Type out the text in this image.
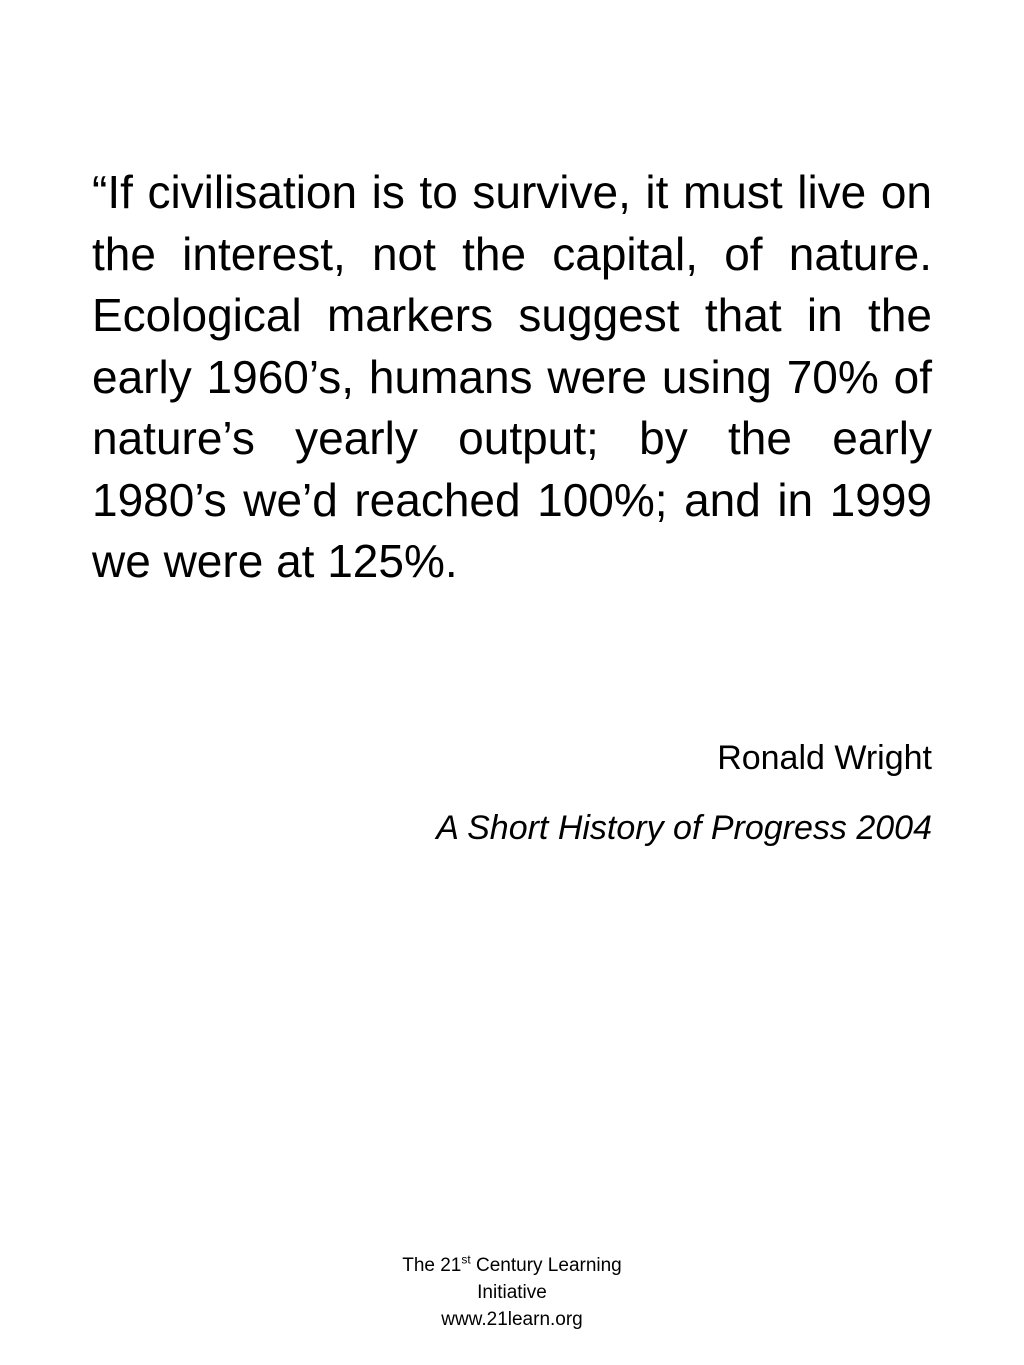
“If civilisation is to survive, it must live on the interest, not the capital, of nature. Ecological markers suggest that in the early 1960’s, humans were using 70% of nature’s yearly output; by the early 1980’s we’d reached 100%; and in 1999 we were at 125%.

Ronald Wright

A Short History of Progress 2004

The 21st Century Learning
Initiative
www.21learn.org
